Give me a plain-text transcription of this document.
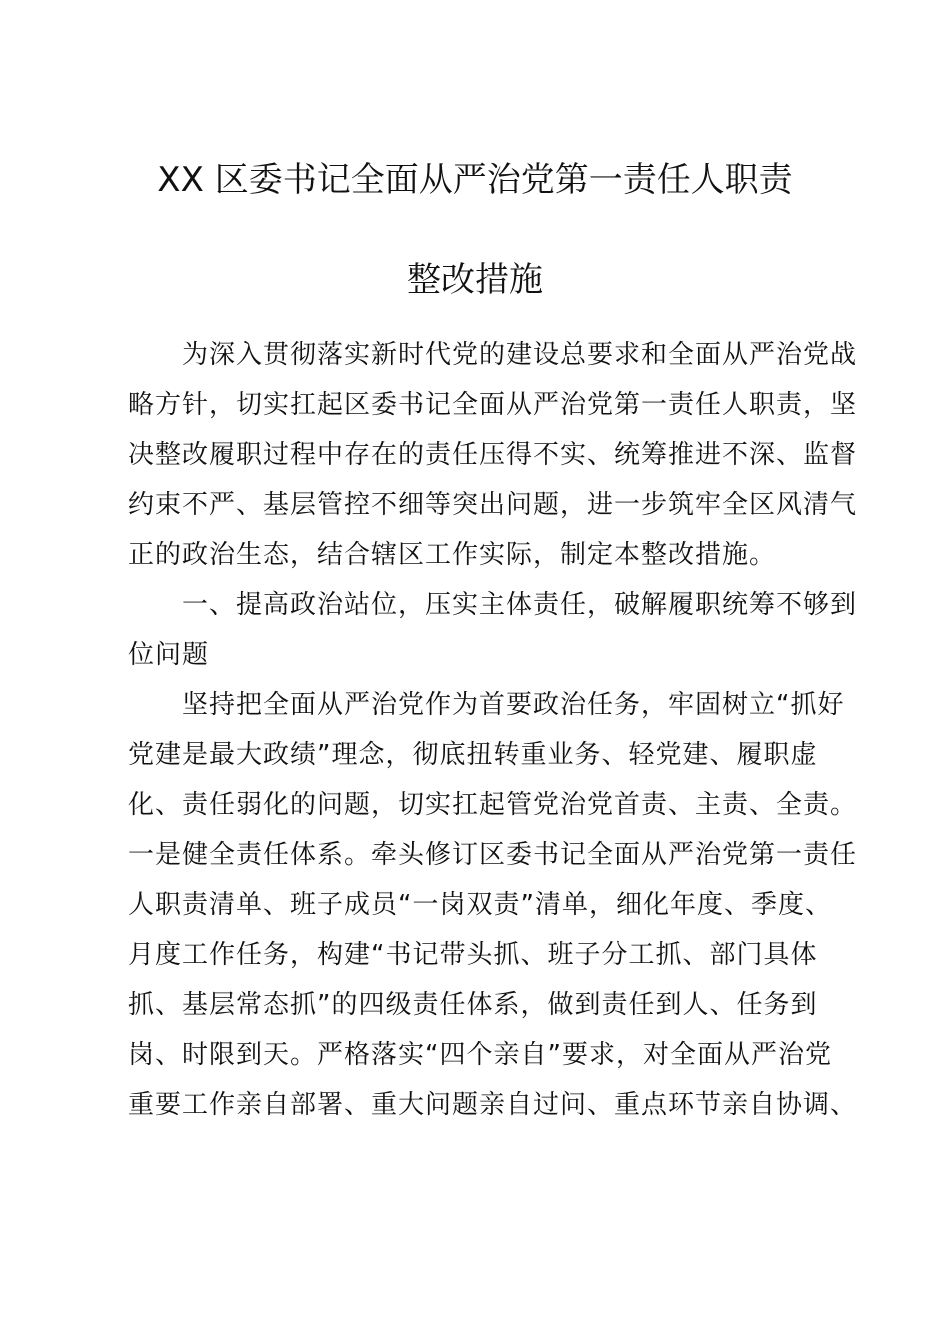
XX 区委书记全面从严治党第一责任人职责
整改措施
　　为深入贯彻落实新时代党的建设总要求和全面从严治党战
略方针，切实扛起区委书记全面从严治党第一责任人职责，坚
决整改履职过程中存在的责任压得不实、统筹推进不深、监督
约束不严、基层管控不细等突出问题，进一步筑牢全区风清气
正的政治生态，结合辖区工作实际，制定本整改措施。
　　一、提高政治站位，压实主体责任，破解履职统筹不够到
位问题
　　坚持把全面从严治党作为首要政治任务，牢固树立“抓好
党建是最大政绩”理念，彻底扭转重业务、轻党建、履职虚
化、责任弱化的问题，切实扛起管党治党首责、主责、全责。
一是健全责任体系。牵头修订区委书记全面从严治党第一责任
人职责清单、班子成员“一岗双责”清单，细化年度、季度、
月度工作任务，构建“书记带头抓、班子分工抓、部门具体
抓、基层常态抓”的四级责任体系，做到责任到人、任务到
岗、时限到天。严格落实“四个亲自”要求，对全面从严治党
重要工作亲自部署、重大问题亲自过问、重点环节亲自协调、
